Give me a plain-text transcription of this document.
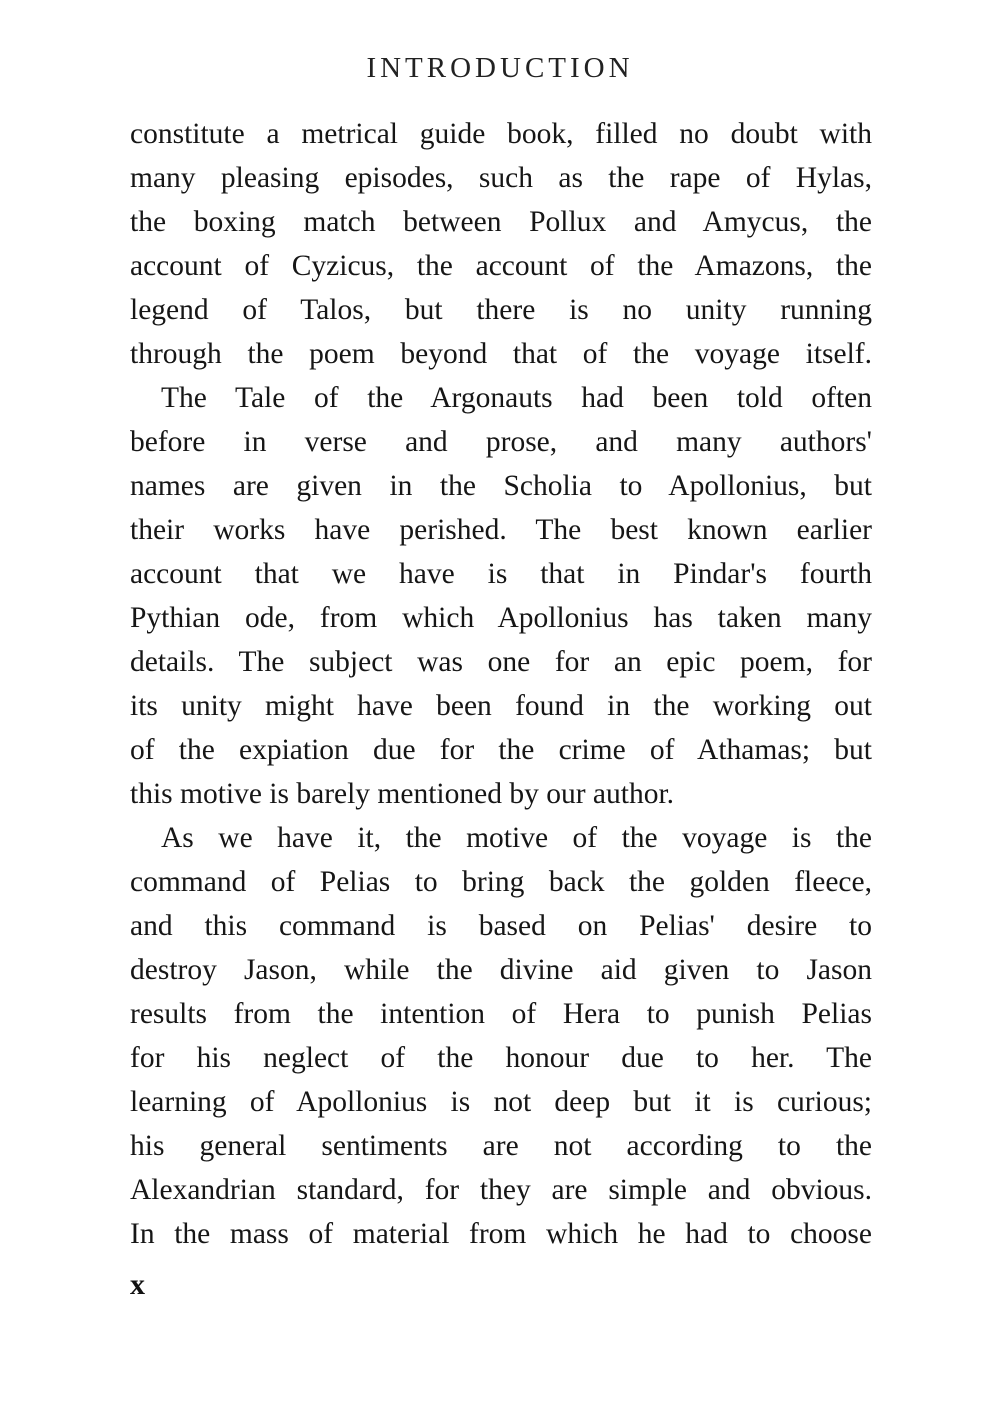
INTRODUCTION
constitute a metrical guide book, filled no doubt with
many pleasing episodes, such as the rape of Hylas,
the boxing match between Pollux and Amycus, the
account of Cyzicus, the account of the Amazons, the
legend of Talos, but there is no unity running
through the poem beyond that of the voyage itself.
The Tale of the Argonauts had been told often
before in verse and prose, and many authors'
names are given in the Scholia to Apollonius, but
their works have perished. The best known earlier
account that we have is that in Pindar's fourth
Pythian ode, from which Apollonius has taken many
details. The subject was one for an epic poem, for
its unity might have been found in the working out
of the expiation due for the crime of Athamas; but
this motive is barely mentioned by our author.
As we have it, the motive of the voyage is the
command of Pelias to bring back the golden fleece,
and this command is based on Pelias' desire to
destroy Jason, while the divine aid given to Jason
results from the intention of Hera to punish Pelias
for his neglect of the honour due to her. The
learning of Apollonius is not deep but it is curious;
his general sentiments are not according to the
Alexandrian standard, for they are simple and obvious.
In the mass of material from which he had to choose
x
